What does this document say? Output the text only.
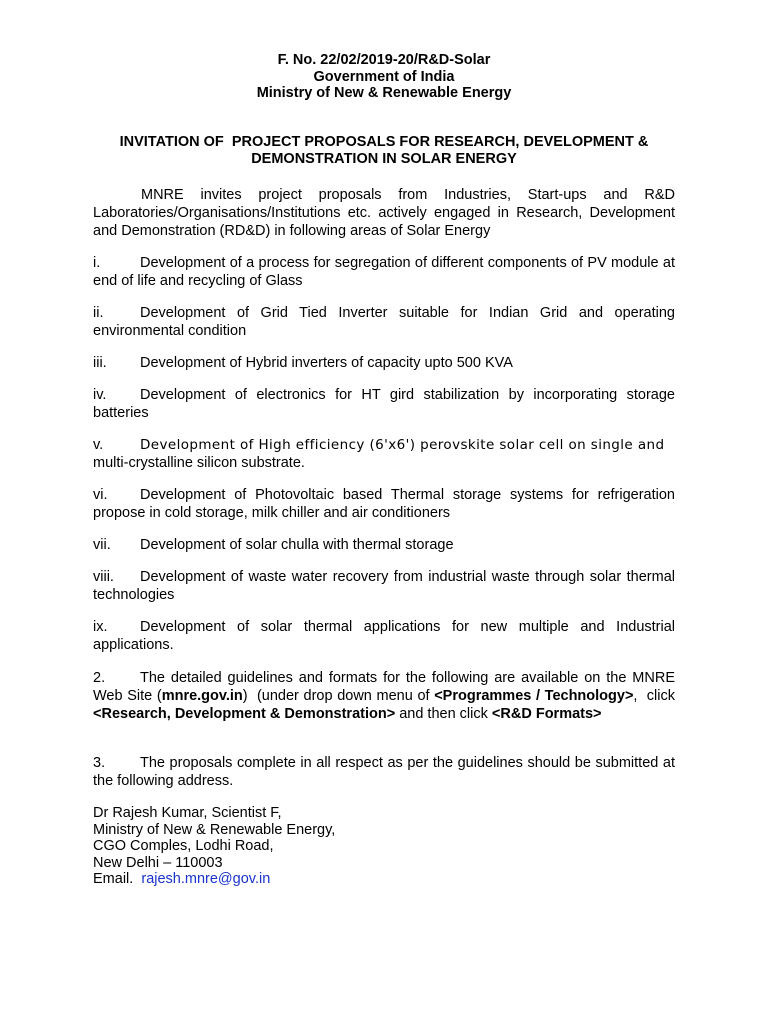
F. No. 22/02/2019-20/R&D-Solar
Government of India
Ministry of New & Renewable Energy
INVITATION OF  PROJECT PROPOSALS FOR RESEARCH, DEVELOPMENT &
DEMONSTRATION IN SOLAR ENERGY
MNRE invites project proposals from Industries, Start-ups and R&D Laboratories/Organisations/Institutions etc. actively engaged in Research, Development and Demonstration (RD&D) in following areas of Solar Energy

i.	Development of a process for segregation of different components of PV module at end of life and recycling of Glass

ii.	Development of Grid Tied Inverter suitable for Indian Grid and operating environmental condition

iii. Development of Hybrid inverters of capacity upto 500 KVA

iv. Development of electronics for HT gird stabilization by incorporating storage batteries

v.	Development of High efficiency (6'x6') perovskite solar cell on single and
multi-crystalline silicon substrate.

vi. Development of Photovoltaic based Thermal storage systems for refrigeration propose in cold storage, milk chiller and air conditioners

vii. Development of solar chulla with thermal storage

viii. Development of waste water recovery from industrial waste through solar thermal technologies

ix. Development of solar thermal applications for new multiple and Industrial applications.

2. The detailed guidelines and formats for the following are available on the MNRE Web Site (mnre.gov.in)  (under drop down menu of <Programmes / Technology>,  click <Research, Development & Demonstration> and then click <R&D Formats>
3. The proposals complete in all respect as per the guidelines should be submitted at the following address.
Dr Rajesh Kumar, Scientist F,
Ministry of New & Renewable Energy,
CGO Comples, Lodhi Road,
New Delhi – 110003
Email. rajesh.mnre@gov.in
